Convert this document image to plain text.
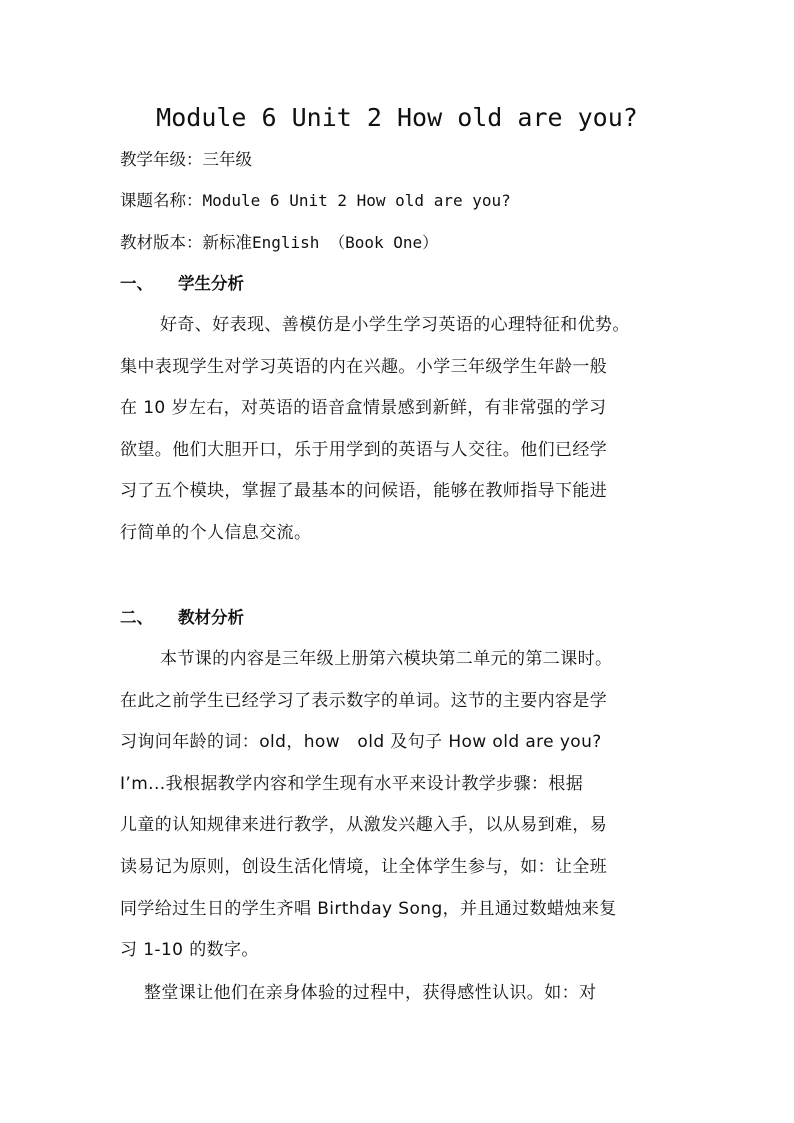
Module 6 Unit 2 How old are you?
教学年级：三年级
课题名称：Module 6 Unit 2 How old are you?
教材版本：新标准English （Book One）
一、 学生分析
好奇、好表现、善模仿是小学生学习英语的心理特征和优势。
集中表现学生对学习英语的内在兴趣。小学三年级学生年龄一般
在 10 岁左右，对英语的语音盒情景感到新鲜，有非常强的学习
欲望。他们大胆开口，乐于用学到的英语与人交往。他们已经学
习了五个模块，掌握了最基本的问候语，能够在教师指导下能进
行简单的个人信息交流。
二、 教材分析
本节课的内容是三年级上册第六模块第二单元的第二课时。
在此之前学生已经学习了表示数字的单词。这节的主要内容是学
习询问年龄的词：old，how　old 及句子 How old are you?
I’m...我根据教学内容和学生现有水平来设计教学步骤：根据
儿童的认知规律来进行教学，从激发兴趣入手，以从易到难，易
读易记为原则，创设生活化情境，让全体学生参与，如：让全班
同学给过生日的学生齐唱 Birthday Song，并且通过数蜡烛来复
习 1-10 的数字。
整堂课让他们在亲身体验的过程中，获得感性认识。如：对
